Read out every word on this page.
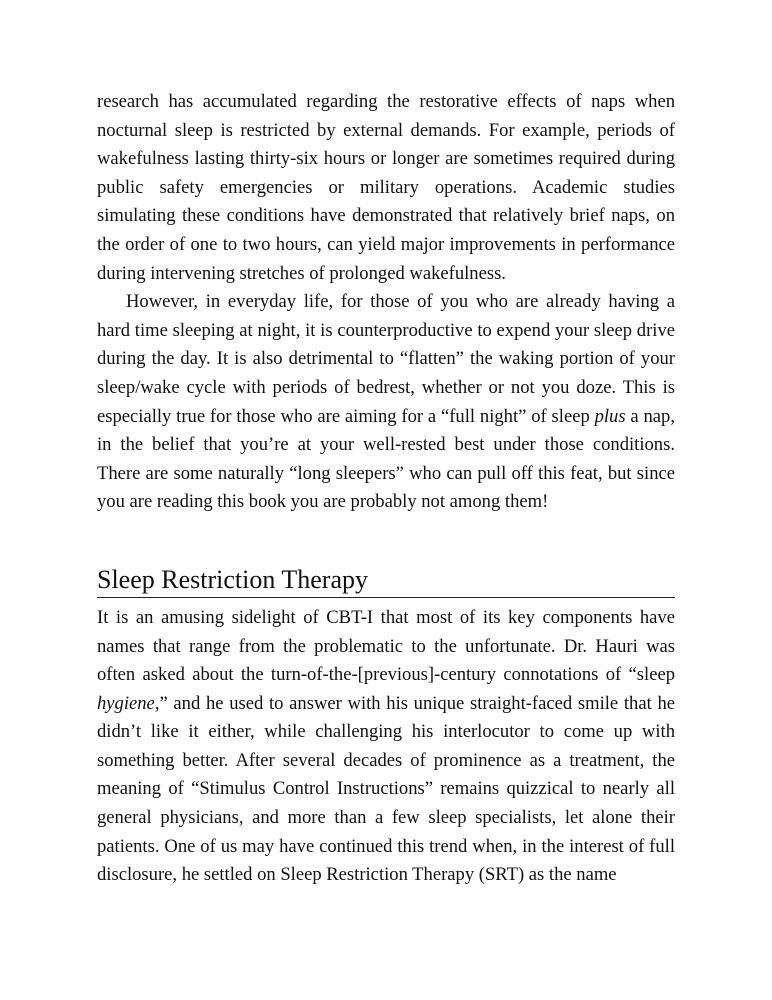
research has accumulated regarding the restorative effects of naps when nocturnal sleep is restricted by external demands. For example, periods of wakefulness lasting thirty-six hours or longer are sometimes required during public safety emergencies or military operations. Academic studies simulating these conditions have demonstrated that relatively brief naps, on the order of one to two hours, can yield major improvements in performance during intervening stretches of prolonged wakefulness.

However, in everyday life, for those of you who are already having a hard time sleeping at night, it is counterproductive to expend your sleep drive during the day. It is also detrimental to “flatten” the waking portion of your sleep/wake cycle with periods of bedrest, whether or not you doze. This is especially true for those who are aiming for a “full night” of sleep plus a nap, in the belief that you’re at your well-rested best under those conditions. There are some naturally “long sleepers” who can pull off this feat, but since you are reading this book you are probably not among them!

Sleep Restriction Therapy

It is an amusing sidelight of CBT-I that most of its key components have names that range from the problematic to the unfortunate. Dr. Hauri was often asked about the turn-of-the-[previous]-century connotations of “sleep hygiene,” and he used to answer with his unique straight-faced smile that he didn’t like it either, while challenging his interlocutor to come up with something better. After several decades of prominence as a treatment, the meaning of “Stimulus Control Instructions” remains quizzical to nearly all general physicians, and more than a few sleep specialists, let alone their patients. One of us may have continued this trend when, in the interest of full disclosure, he settled on Sleep Restriction Therapy (SRT) as the name
